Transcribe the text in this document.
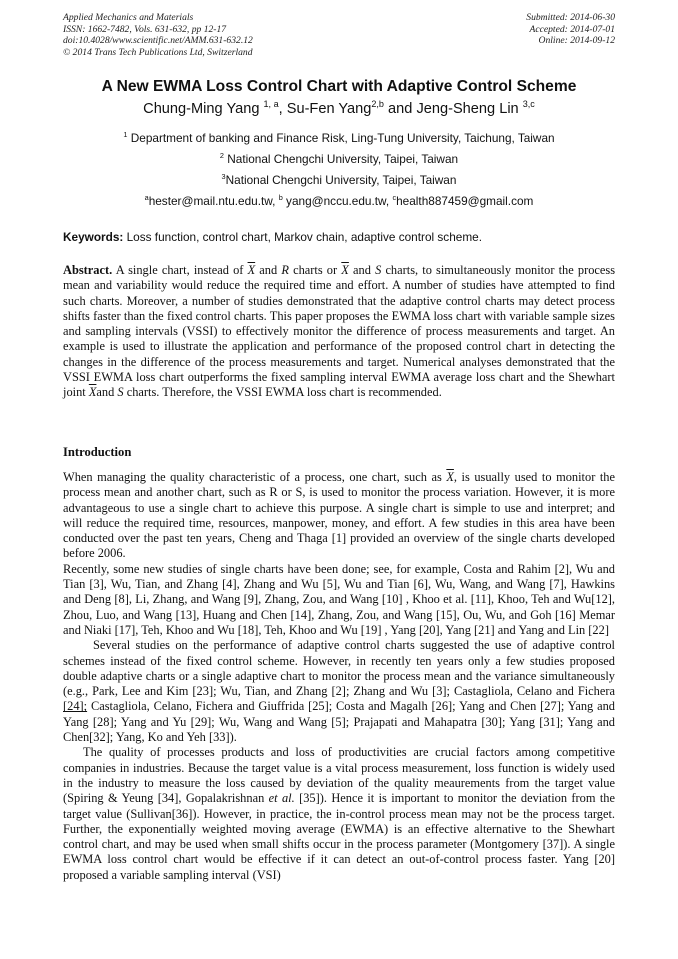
Applied Mechanics and Materials
ISSN: 1662-7482, Vols. 631-632, pp 12-17
doi:10.4028/www.scientific.net/AMM.631-632.12
© 2014 Trans Tech Publications Ltd, Switzerland
Submitted: 2014-06-30
Accepted: 2014-07-01
Online: 2014-09-12
A New EWMA Loss Control Chart with Adaptive Control Scheme
Chung-Ming Yang $^{1, a}$, Su-Fen Yang$^{2,b}$ and Jeng-Sheng Lin $^{3,c}$
$^1$ Department of banking and Finance Risk, Ling-Tung University, Taichung, Taiwan
$^2$ National Chengchi University, Taipei, Taiwan
$^3$National Chengchi University, Taipei, Taiwan
$^a$hester@mail.ntu.edu.tw, $^b$ yang@nccu.edu.tw, $^c$health887459@gmail.com
Keywords: Loss function, control chart, Markov chain, adaptive control scheme.

Abstract. A single chart, instead of $\overline{X}$ and R charts or $\overline{X}$ and S charts, to simultaneously monitor the process mean and variability would reduce the required time and effort. A number of studies have attempted to find such charts. Moreover, a number of studies demonstrated that the adaptive control charts may detect process shifts faster than the fixed control charts. This paper proposes the EWMA loss chart with variable sample sizes and sampling intervals (VSSI) to effectively monitor the difference of process measurements and target. An example is used to illustrate the application and performance of the proposed control chart in detecting the changes in the difference of the process measurements and target. Numerical analyses demonstrated that the VSSI EWMA loss chart outperforms the fixed sampling interval EWMA average loss chart and the Shewhart joint $\overline{X}and$ S charts. Therefore, the VSSI EWMA loss chart is recommended.

Introduction

When managing the quality characteristic of a process, one chart, such as $\overline{X}$, is usually used to monitor the process mean and another chart, such as R or S, is used to monitor the process variation. However, it is more advantageous to use a single chart to achieve this purpose. A single chart is simple to use and interpret; and will reduce the required time, resources, manpower, money, and effort. A few studies in this area have been conducted over the past ten years, Cheng and Thaga [1] provided an overview of the single charts developed before 2006.

Recently, some new studies of single charts have been done; see, for example, Costa and Rahim [2], Wu and Tian [3], Wu, Tian, and Zhang [4], Zhang and Wu [5], Wu and Tian [6], Wu, Wang, and Wang [7], Hawkins and Deng [8], Li, Zhang, and Wang [9], Zhang, Zou, and Wang [10] , Khoo et al. [11], Khoo, Teh and Wu[12], Zhou, Luo, and Wang [13], Huang and Chen [14], Zhang, Zou, and Wang [15], Ou, Wu, and Goh [16] Memar and Niaki [17], Teh, Khoo and Wu [18], Teh, Khoo and Wu [19] , Yang [20], Yang [21] and Yang and Lin [22]

Several studies on the performance of adaptive control charts suggested the use of adaptive control schemes instead of the fixed control scheme. However, in recently ten years only a few studies proposed double adaptive charts or a single adaptive chart to monitor the process mean and the variance simultaneously (e.g., Park, Lee and Kim [23]; Wu, Tian, and Zhang [2]; Zhang and Wu [3]; Castagliola, Celano and Fichera [24]; Castagliola, Celano, Fichera and Giuffrida [25]; Costa and Magalh [26]; Yang and Chen [27]; Yang and Yang [28]; Yang and Yu [29]; Wu, Wang and Wang [5]; Prajapati and Mahapatra [30]; Yang [31]; Yang and Chen[32]; Yang, Ko and Yeh [33]).

The quality of processes products and loss of productivities are crucial factors among competitive companies in industries. Because the target value is a vital process measurement, loss function is widely used in the industry to measure the loss caused by deviation of the quality meaurements from the target value (Spiring & Yeung [34], Gopalakrishnan et al. [35]). Hence it is important to monitor the deviation from the target value (Sullivan[36]). However, in practice, the in-control process mean may not be the process target. Further, the exponentially weighted moving average (EWMA) is an effective alternative to the Shewhart control chart, and may be used when small shifts occur in the process parameter (Montgomery [37]). A single EWMA loss control chart would be effective if it can detect an out-of-control process faster. Yang [20] proposed a variable sampling interval (VSI)
